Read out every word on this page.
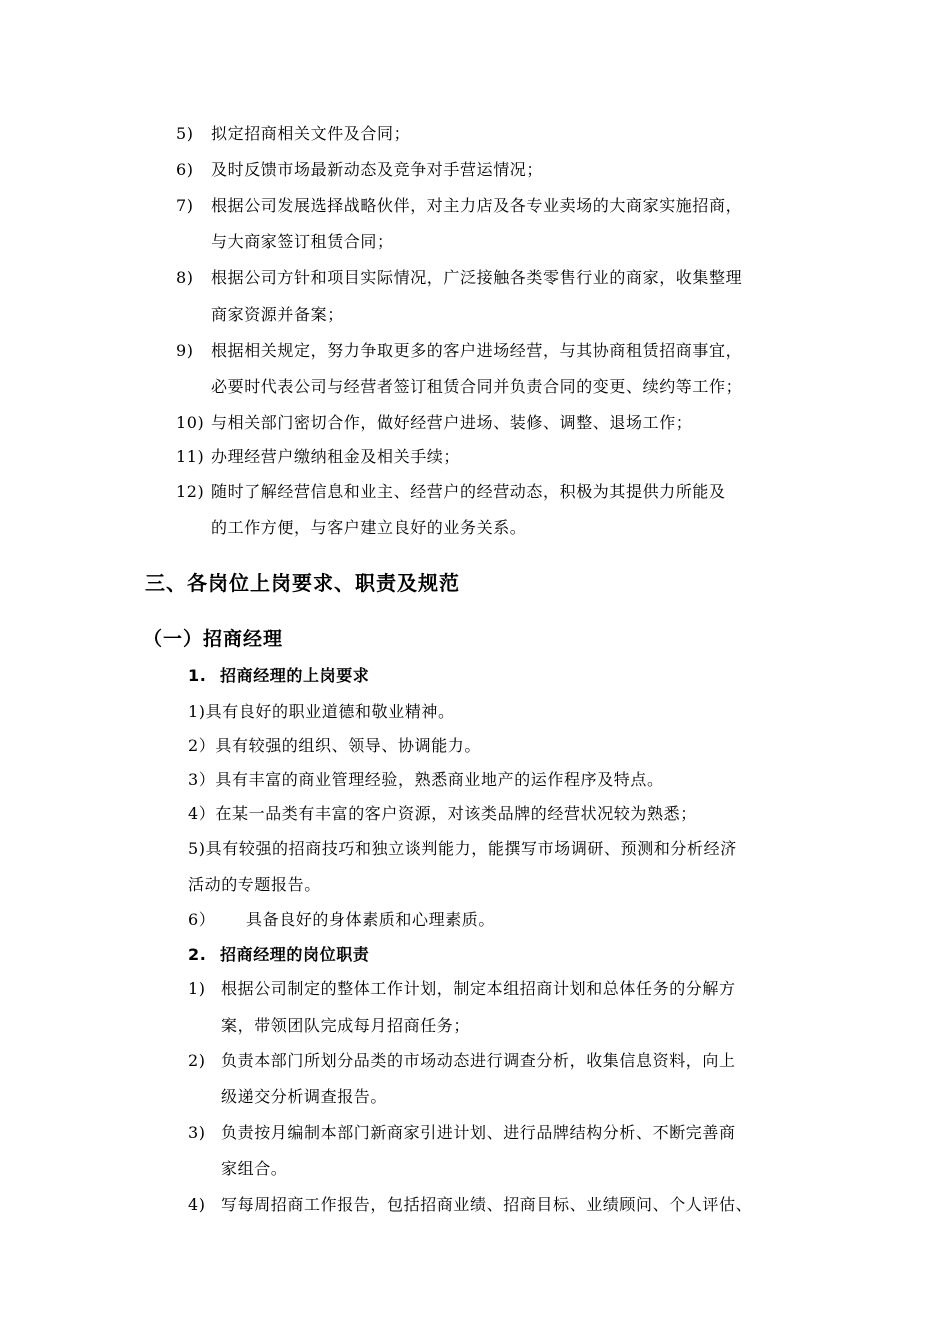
5) 拟定招商相关文件及合同；
6) 及时反馈市场最新动态及竞争对手营运情况；
7) 根据公司发展选择战略伙伴，对主力店及各专业卖场的大商家实施招商，
与大商家签订租赁合同；
8) 根据公司方针和项目实际情况，广泛接触各类零售行业的商家，收集整理
商家资源并备案；
9) 根据相关规定，努力争取更多的客户进场经营，与其协商租赁招商事宜，
必要时代表公司与经营者签订租赁合同并负责合同的变更、续约等工作；
10) 与相关部门密切合作，做好经营户进场、装修、调整、退场工作；
11) 办理经营户缴纳租金及相关手续；
12) 随时了解经营信息和业主、经营户的经营动态，积极为其提供力所能及
的工作方便，与客户建立良好的业务关系。
三、各岗位上岗要求、职责及规范
（一）招商经理
1. 招商经理的上岗要求
1)具有良好的职业道德和敬业精神。
2）具有较强的组织、领导、协调能力。
3）具有丰富的商业管理经验，熟悉商业地产的运作程序及特点。
4）在某一品类有丰富的客户资源，对该类品牌的经营状况较为熟悉；
5)具有较强的招商技巧和独立谈判能力，能撰写市场调研、预测和分析经济
活动的专题报告。
6） 具备良好的身体素质和心理素质。
2. 招商经理的岗位职责
1) 根据公司制定的整体工作计划，制定本组招商计划和总体任务的分解方
案，带领团队完成每月招商任务；
2) 负责本部门所划分品类的市场动态进行调查分析，收集信息资料，向上
级递交分析调查报告。
3) 负责按月编制本部门新商家引进计划、进行品牌结构分析、不断完善商
家组合。
4) 写每周招商工作报告，包括招商业绩、招商目标、业绩顾问、个人评估、
